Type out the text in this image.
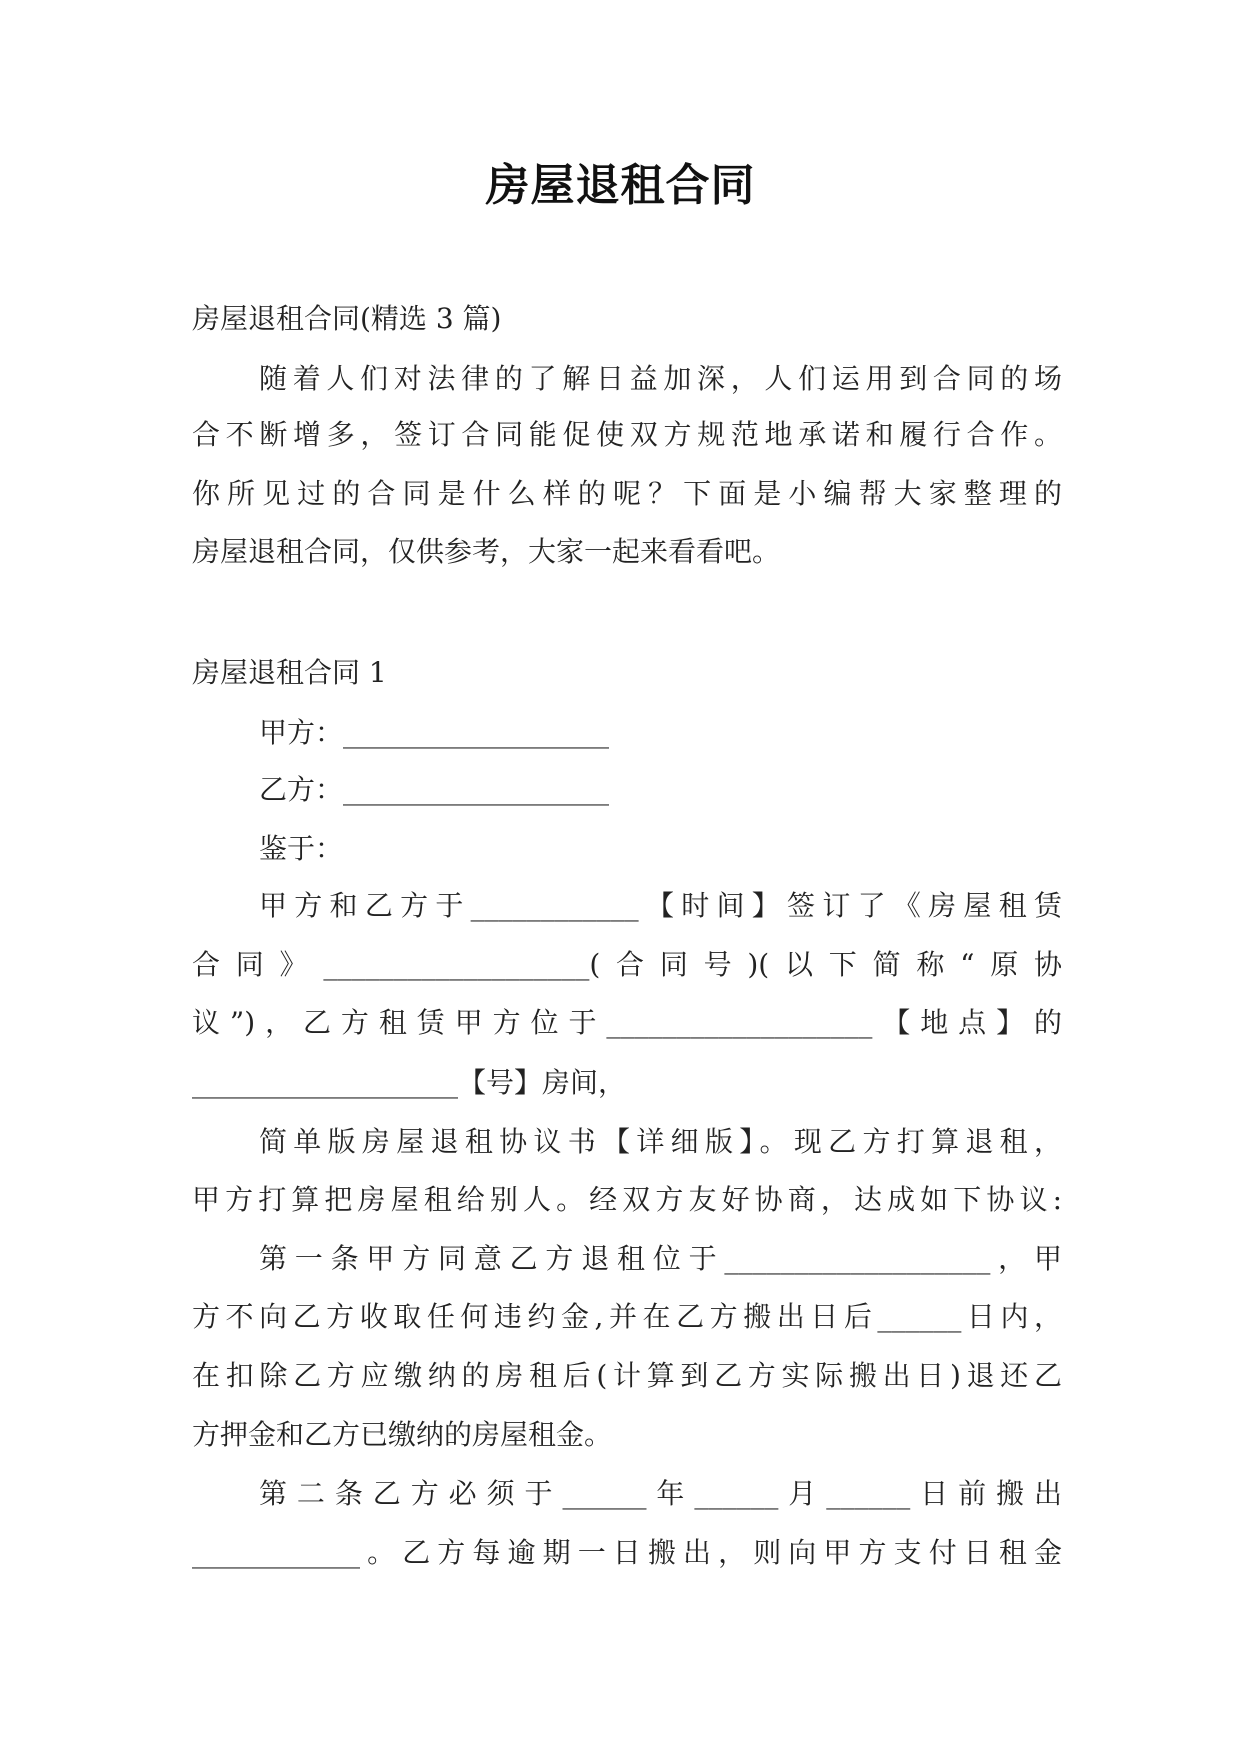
房屋退租合同
房屋退租合同(精选 3 篇)
随着人们对法律的了解日益加深，人们运用到合同的场
合不断增多，签订合同能促使双方规范地承诺和履行合作。
你所见过的合同是什么样的呢？下面是小编帮大家整理的
房屋退租合同，仅供参考，大家一起来看看吧。
房屋退租合同 1
甲方：___________________
乙方：___________________
鉴于：
甲方和乙方于____________【时间】签订了《房屋租赁
合同》___________________(合同号)(以下简称“原协
议”)，乙方租赁甲方位于___________________【地点】的
___________________【号】房间，
简单版房屋退租协议书【详细版】。现乙方打算退租，
甲方打算把房屋租给别人。经双方友好协商，达成如下协议:
第一条甲方同意乙方退租位于___________________，甲
方不向乙方收取任何违约金,并在乙方搬出日后______日内，
在扣除乙方应缴纳的房租后(计算到乙方实际搬出日)退还乙
方押金和乙方已缴纳的房屋租金。
第二条乙方必须于______年______月______日前搬出
____________。乙方每逾期一日搬出，则向甲方支付日租金
